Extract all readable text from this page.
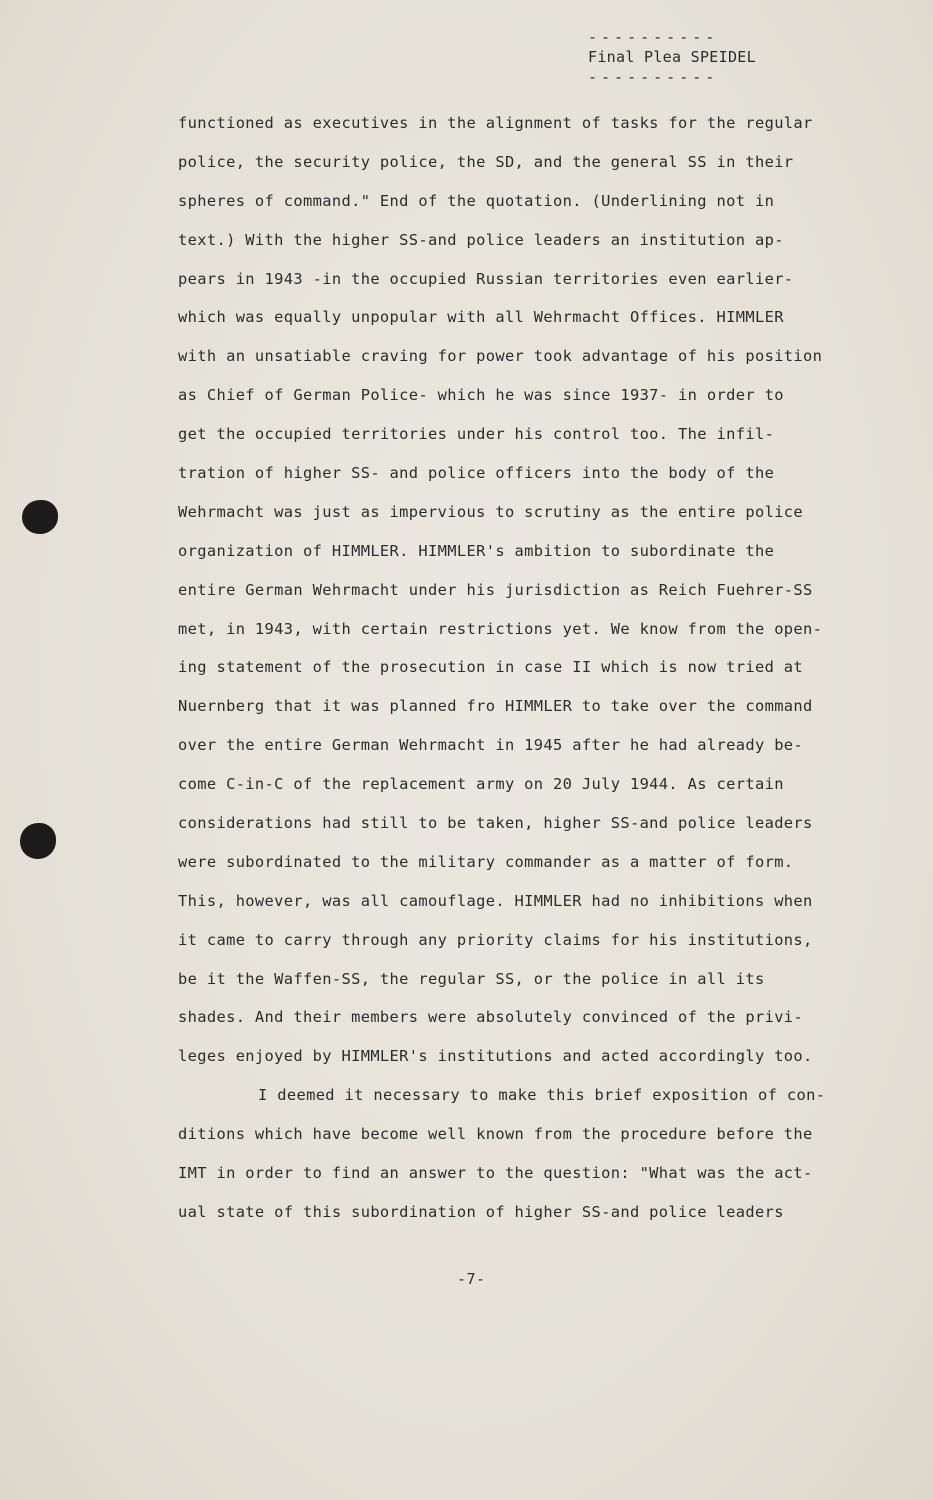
----------
Final Plea SPEIDEL
----------
functioned as executives in the alignment of tasks for the regular
police, the security police, the SD, and the general SS in their
spheres of command." End of the quotation. (Underlining not in
text.) With the higher SS-and police leaders an institution ap-
pears in 1943 -in the occupied Russian territories even earlier-
which was equally unpopular with all Wehrmacht Offices. HIMMLER
with an unsatiable craving for power took advantage of his position
as Chief of German Police- which he was since 1937- in order to
get the occupied territories under his control too. The infil-
tration of higher SS- and police officers into the body of the
Wehrmacht was just as impervious to scrutiny as the entire police
organization of HIMMLER. HIMMLER's ambition to subordinate the
entire German Wehrmacht under his jurisdiction as Reich Fuehrer-SS
met, in 1943, with certain restrictions yet. We know from the open-
ing statement of the prosecution in case II which is now tried at
Nuernberg that it was planned fro HIMMLER to take over the command
over the entire German Wehrmacht in 1945 after he had already be-
come C-in-C of the replacement army on 20 July 1944. As certain
considerations had still to be taken, higher SS-and police leaders
were subordinated to the military commander as a matter of form.
This, however, was all camouflage. HIMMLER had no inhibitions when
it came to carry through any priority claims for his institutions,
be it the Waffen-SS, the regular SS, or the police in all its
shades. And their members were absolutely convinced of the privi-
leges enjoyed by HIMMLER's institutions and acted accordingly too.
I deemed it necessary to make this brief exposition of con-
ditions which have become well known from the procedure before the
IMT in order to find an answer to the question: "What was the act-
ual state of this subordination of higher SS-and police leaders
-7-
